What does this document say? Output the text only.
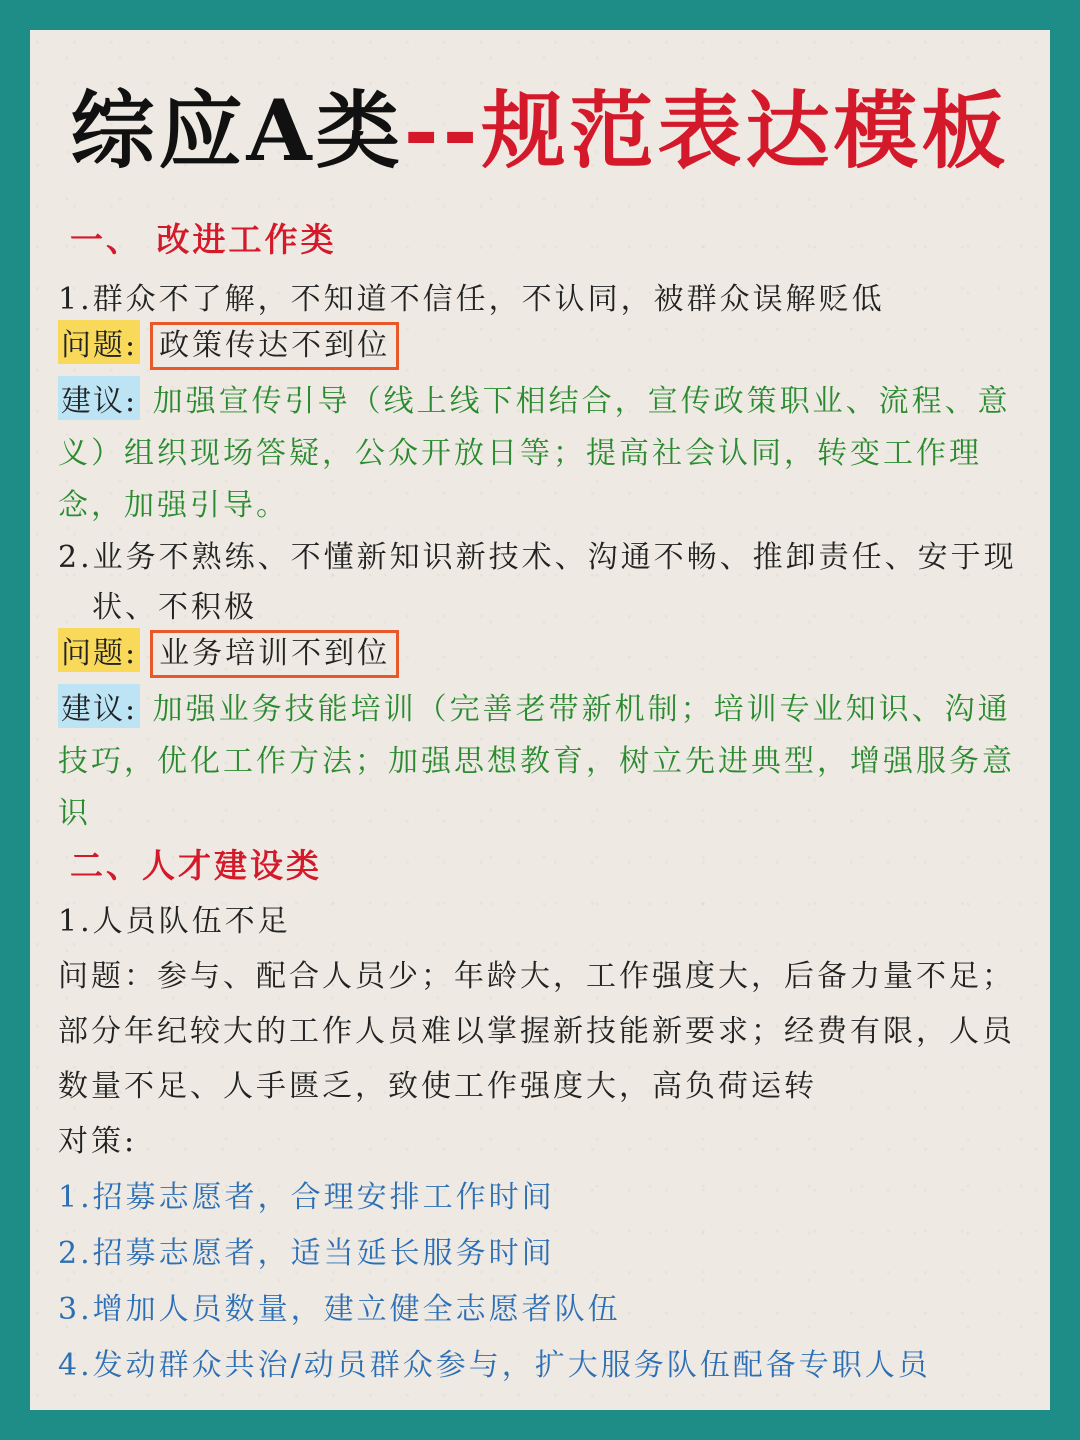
综应A类--规范表达模板
一、 改进工作类
1.群众不了解，不知道不信任，不认同，被群众误解贬低
问题: 政策传达不到位
建议: 加强宣传引导（线上线下相结合，宣传政策职业、流程、意
义）组织现场答疑，公众开放日等；提高社会认同，转变工作理
念，加强引导。
2.业务不熟练、不懂新知识新技术、沟通不畅、推卸责任、安于现
状、不积极
问题: 业务培训不到位
建议: 加强业务技能培训（完善老带新机制；培训专业知识、沟通
技巧，优化工作方法；加强思想教育，树立先进典型，增强服务意
识
二、人才建设类
1.人员队伍不足
问题：参与、配合人员少；年龄大，工作强度大，后备力量不足；
部分年纪较大的工作人员难以掌握新技能新要求；经费有限，人员
数量不足、人手匮乏，致使工作强度大，高负荷运转
对策:
1.招募志愿者，合理安排工作时间
2.招募志愿者，适当延长服务时间
3.增加人员数量，建立健全志愿者队伍
4.发动群众共治/动员群众参与，扩大服务队伍配备专职人员
